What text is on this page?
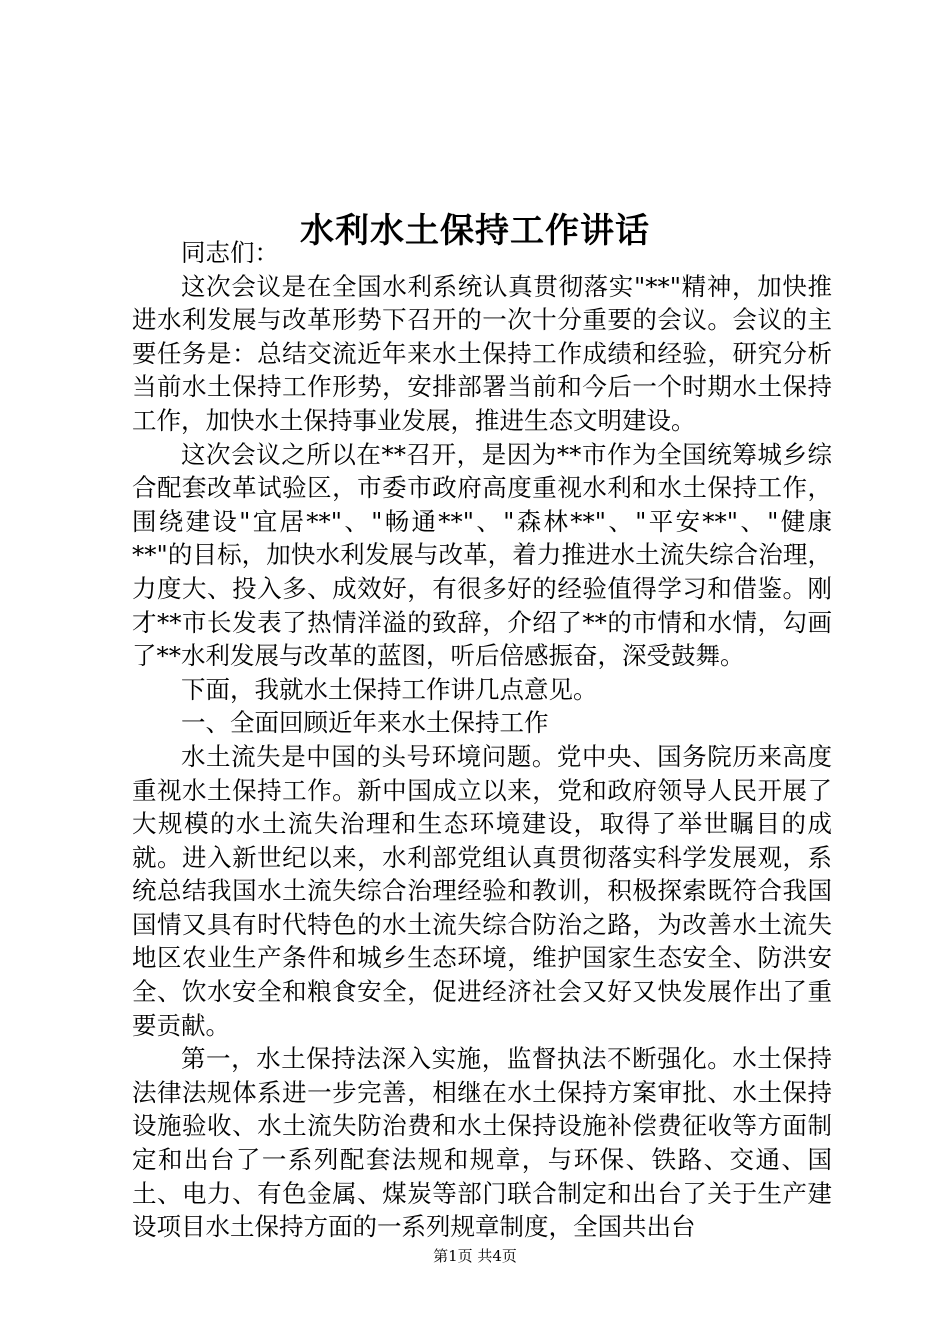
水利水土保持工作讲话

同志们：

这次会议是在全国水利系统认真贯彻落实"**"精神，加快推进水利发展与改革形势下召开的一次十分重要的会议。会议的主要任务是：总结交流近年来水土保持工作成绩和经验，研究分析当前水土保持工作形势，安排部署当前和今后一个时期水土保持工作，加快水土保持事业发展，推进生态文明建设。

这次会议之所以在**召开，是因为**市作为全国统筹城乡综合配套改革试验区，市委市政府高度重视水利和水土保持工作，围绕建设"宜居**"、"畅通**"、"森林**"、"平安**"、"健康**"的目标，加快水利发展与改革，着力推进水土流失综合治理，力度大、投入多、成效好，有很多好的经验值得学习和借鉴。刚才**市长发表了热情洋溢的致辞，介绍了**的市情和水情，勾画了**水利发展与改革的蓝图，听后倍感振奋，深受鼓舞。

下面，我就水土保持工作讲几点意见。

一、全面回顾近年来水土保持工作

水土流失是中国的头号环境问题。党中央、国务院历来高度重视水土保持工作。新中国成立以来，党和政府领导人民开展了大规模的水土流失治理和生态环境建设，取得了举世瞩目的成就。进入新世纪以来，水利部党组认真贯彻落实科学发展观，系统总结我国水土流失综合治理经验和教训，积极探索既符合我国国情又具有时代特色的水土流失综合防治之路，为改善水土流失地区农业生产条件和城乡生态环境，维护国家生态安全、防洪安全、饮水安全和粮食安全，促进经济社会又好又快发展作出了重要贡献。

第一，水土保持法深入实施，监督执法不断强化。水土保持法律法规体系进一步完善，相继在水土保持方案审批、水土保持设施验收、水土流失防治费和水土保持设施补偿费征收等方面制定和出台了一系列配套法规和规章，与环保、铁路、交通、国土、电力、有色金属、煤炭等部门联合制定和出台了关于生产建设项目水土保持方面的一系列规章制度，全国共出台

第1页 共4页
